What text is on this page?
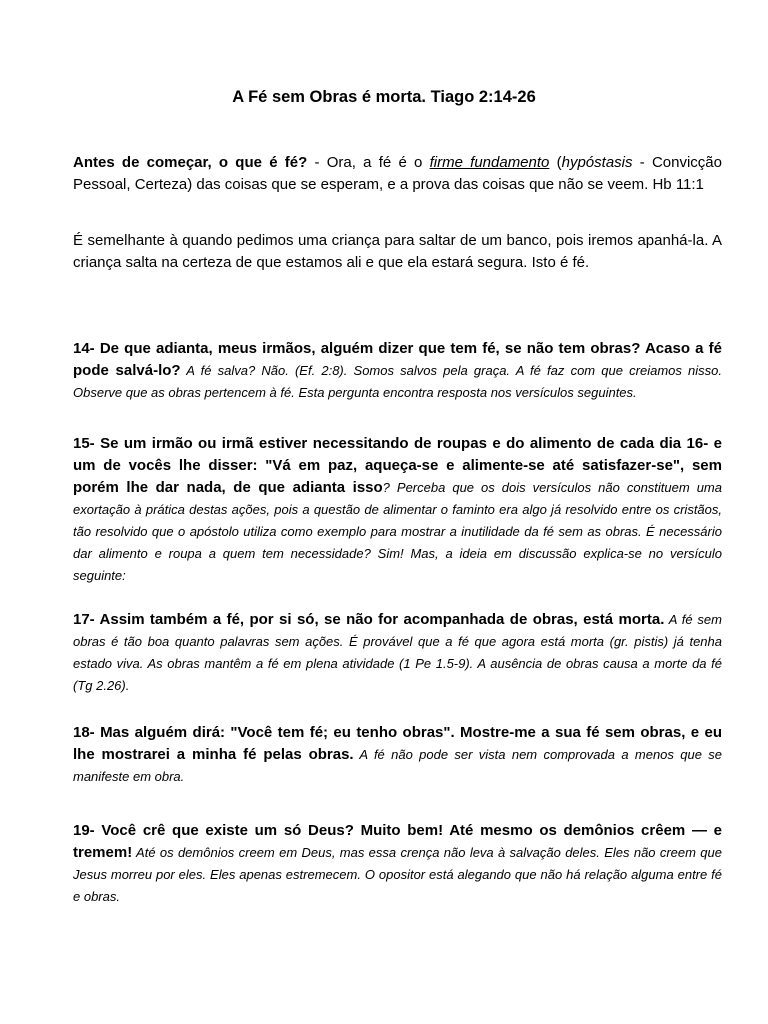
A Fé sem Obras é morta. Tiago 2:14-26

Antes de começar, o que é fé? - Ora, a fé é o firme fundamento (hypóstasis - Convicção Pessoal, Certeza) das coisas que se esperam, e a prova das coisas que não se veem. Hb 11:1

É semelhante à quando pedimos uma criança para saltar de um banco, pois iremos apanhá-la. A criança salta na certeza de que estamos ali e que ela estará segura. Isto é fé.

14- De que adianta, meus irmãos, alguém dizer que tem fé, se não tem obras? Acaso a fé pode salvá-lo? A fé salva? Não. (Ef. 2:8). Somos salvos pela graça. A fé faz com que creiamos nisso. Observe que as obras pertencem à fé. Esta pergunta encontra resposta nos versículos seguintes.

15- Se um irmão ou irmã estiver necessitando de roupas e do alimento de cada dia 16- e um de vocês lhe disser: "Vá em paz, aqueça-se e alimente-se até satisfazer-se", sem porém lhe dar nada, de que adianta isso? Perceba que os dois versículos não constituem uma exortação à prática destas ações, pois a questão de alimentar o faminto era algo já resolvido entre os cristãos, tão resolvido que o apóstolo utiliza como exemplo para mostrar a inutilidade da fé sem as obras. É necessário dar alimento e roupa a quem tem necessidade? Sim! Mas, a ideia em discussão explica-se no versículo seguinte:

17- Assim também a fé, por si só, se não for acompanhada de obras, está morta. A fé sem obras é tão boa quanto palavras sem ações. É provável que a fé que agora está morta (gr. pistis) já tenha estado viva. As obras mantêm a fé em plena atividade (1 Pe 1.5-9). A ausência de obras causa a morte da fé (Tg 2.26).

18- Mas alguém dirá: "Você tem fé; eu tenho obras". Mostre-me a sua fé sem obras, e eu lhe mostrarei a minha fé pelas obras. A fé não pode ser vista nem comprovada a menos que se manifeste em obra.

19- Você crê que existe um só Deus? Muito bem! Até mesmo os demônios crêem — e tremem! Até os demônios creem em Deus, mas essa crença não leva à salvação deles. Eles não creem que Jesus morreu por eles. Eles apenas estremecem. O opositor está alegando que não há relação alguma entre fé e obras.
